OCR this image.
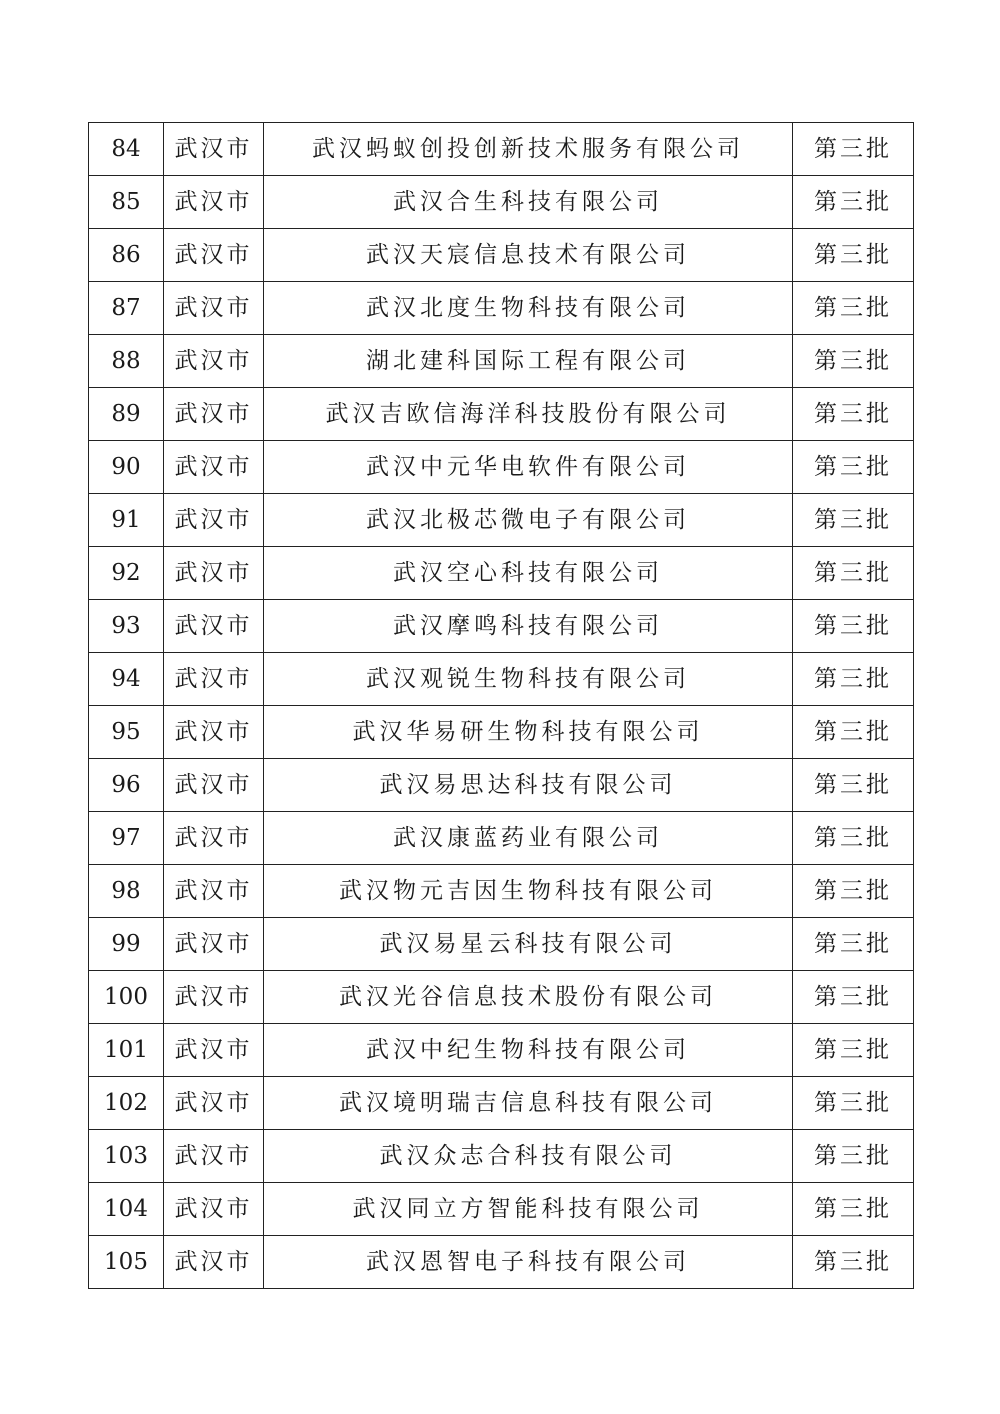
84	武汉市	武汉蚂蚁创投创新技术服务有限公司	第三批
85	武汉市	武汉合生科技有限公司	第三批
86	武汉市	武汉天宸信息技术有限公司	第三批
87	武汉市	武汉北度生物科技有限公司	第三批
88	武汉市	湖北建科国际工程有限公司	第三批
89	武汉市	武汉吉欧信海洋科技股份有限公司	第三批
90	武汉市	武汉中元华电软件有限公司	第三批
91	武汉市	武汉北极芯微电子有限公司	第三批
92	武汉市	武汉空心科技有限公司	第三批
93	武汉市	武汉摩鸣科技有限公司	第三批
94	武汉市	武汉观锐生物科技有限公司	第三批
95	武汉市	武汉华易研生物科技有限公司	第三批
96	武汉市	武汉易思达科技有限公司	第三批
97	武汉市	武汉康蓝药业有限公司	第三批
98	武汉市	武汉物元吉因生物科技有限公司	第三批
99	武汉市	武汉易星云科技有限公司	第三批
100	武汉市	武汉光谷信息技术股份有限公司	第三批
101	武汉市	武汉中纪生物科技有限公司	第三批
102	武汉市	武汉境明瑞吉信息科技有限公司	第三批
103	武汉市	武汉众志合科技有限公司	第三批
104	武汉市	武汉同立方智能科技有限公司	第三批
105	武汉市	武汉恩智电子科技有限公司	第三批
